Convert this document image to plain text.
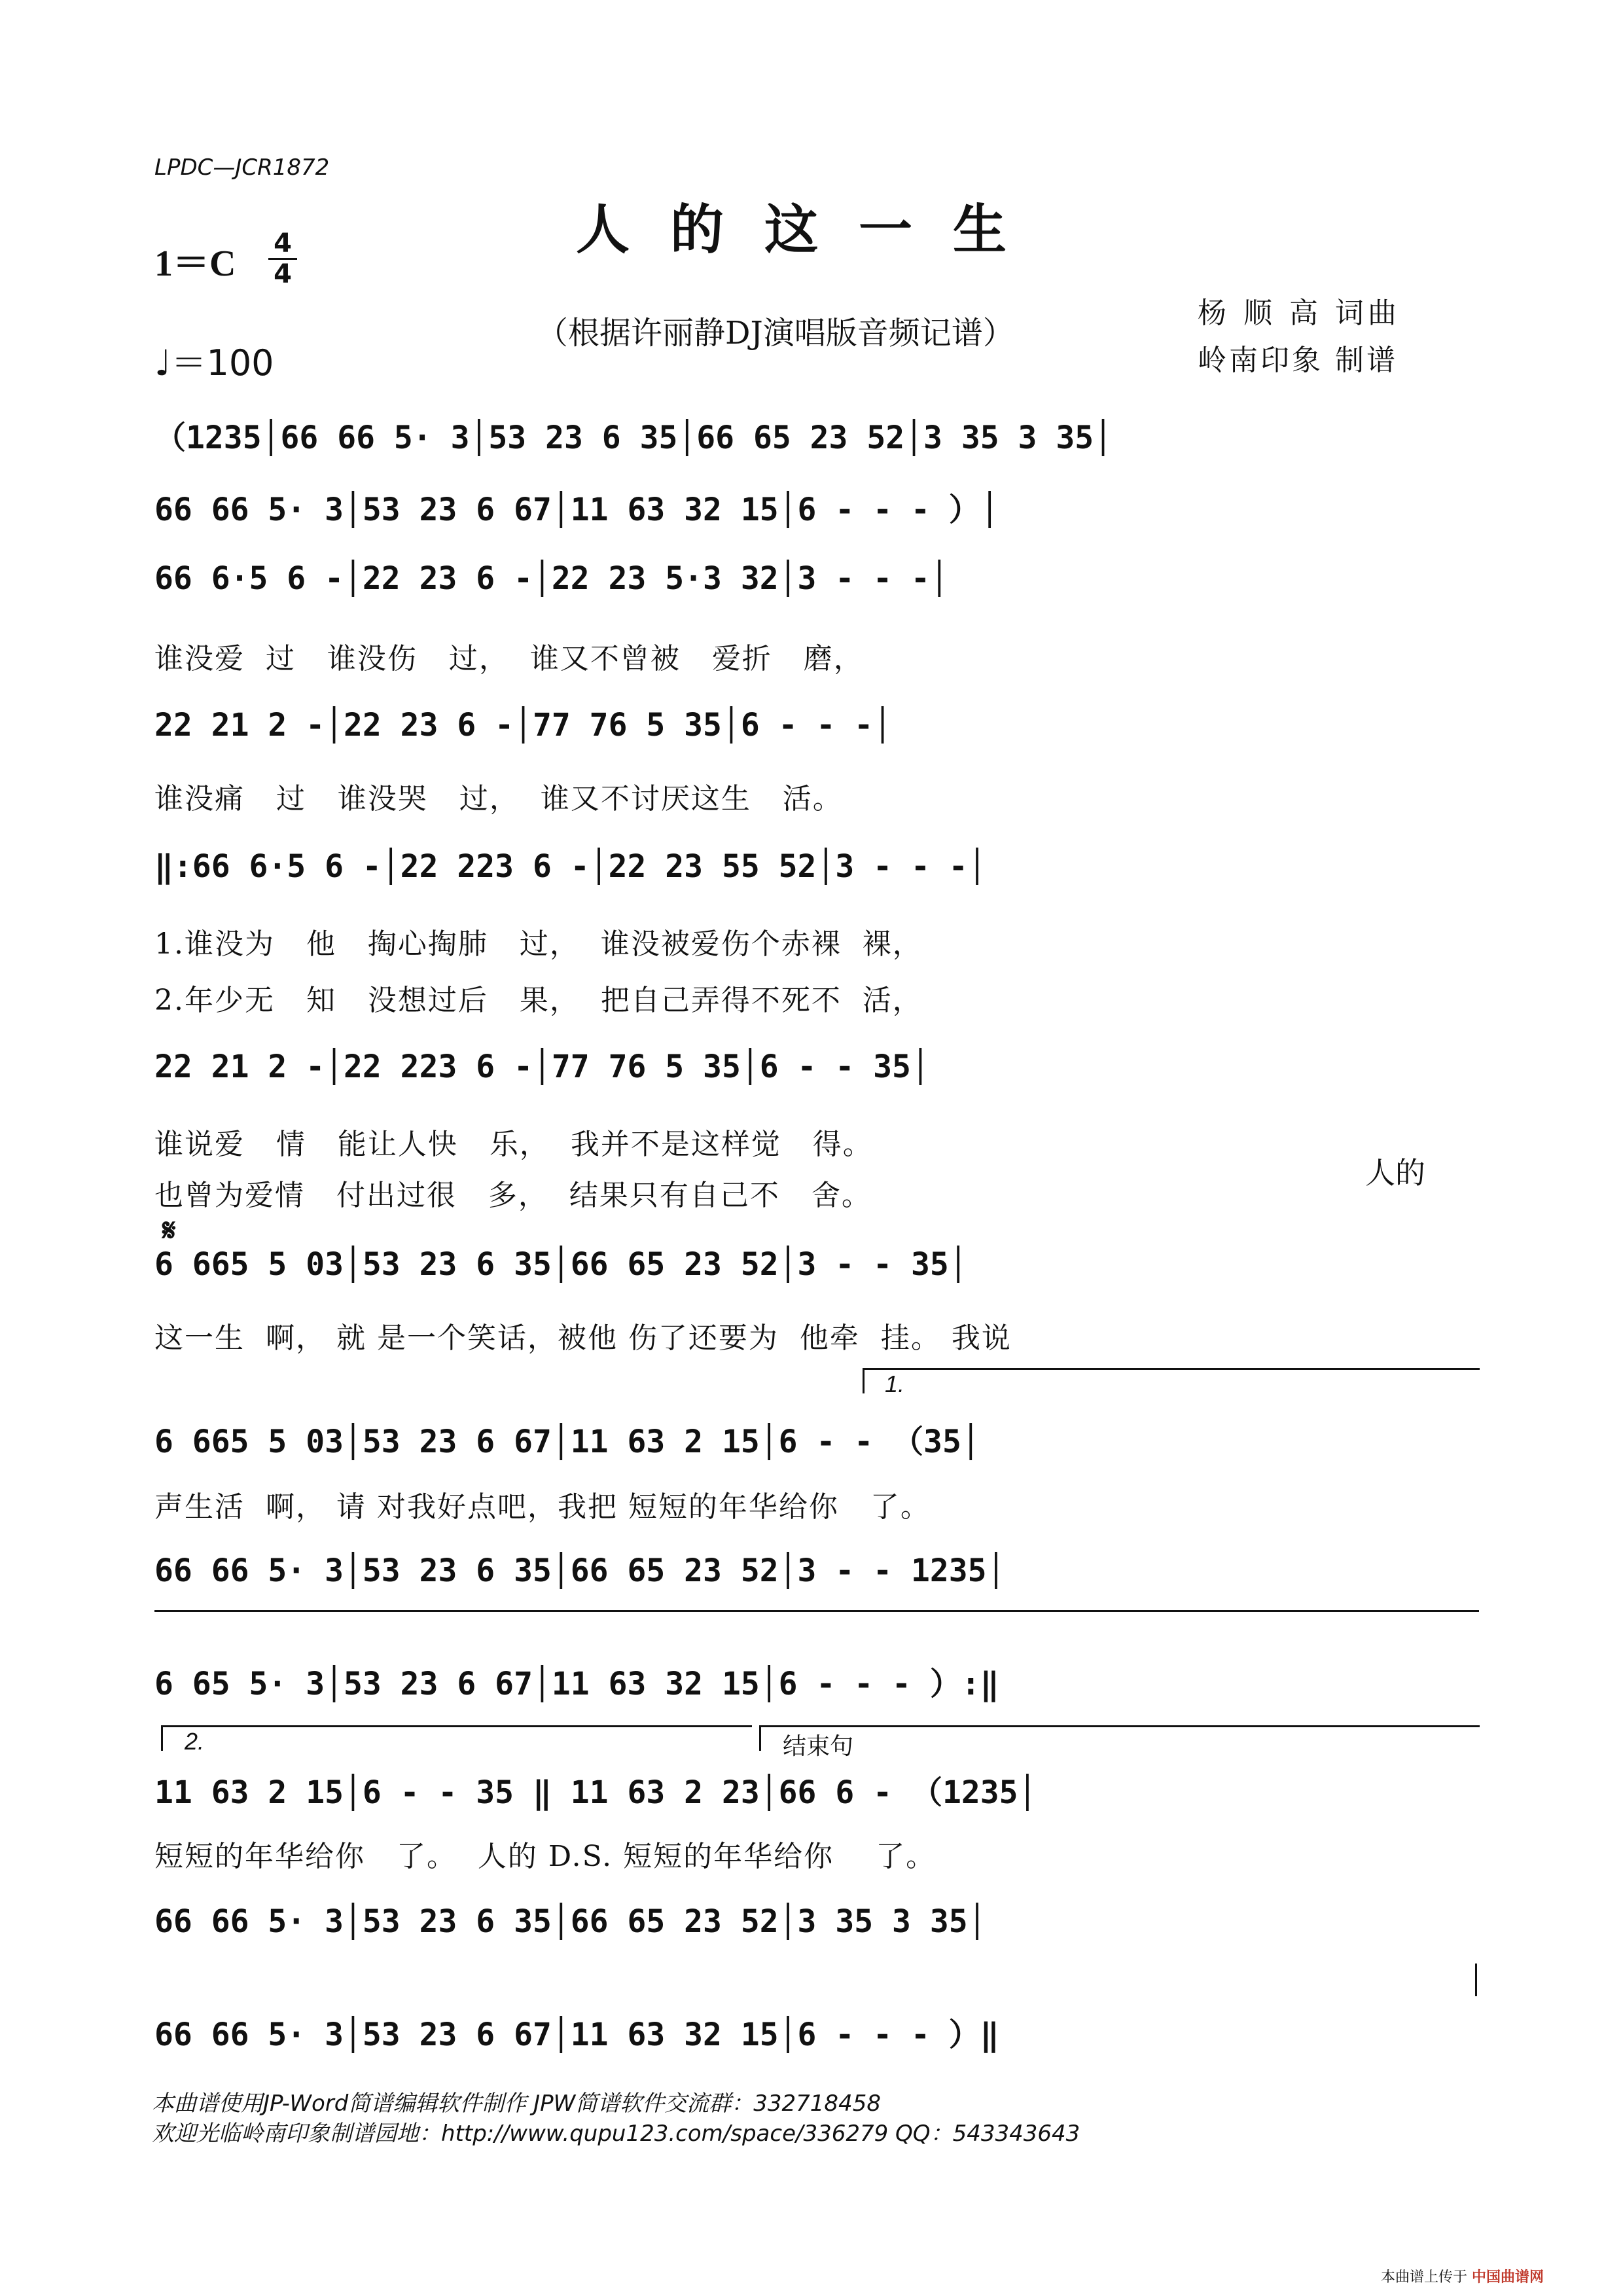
LPDC—JCR1872
人的这一生
1＝C 4
4
♩＝100
（根据许丽静DJ演唱版音频记谱）
杨 顺 高 词曲
岭南印象 制谱
（1235│66 66 5· 3│53 23 6 35│66 65 23 52│3 35 3 35│
66 66 5· 3│53 23 6 67│11 63 32 15│6 - - - ）│
66 6·5 6 -│22 23 6 -│22 23 5·3 32│3 - - -│
谁没爱  过   谁没伤   过，  谁又不曾被   爱折   磨，
22 21 2 -│22 23 6 -│77 76 5 35│6 - - -│
谁没痛   过   谁没哭   过，  谁又不讨厌这生   活。
‖:66 6·5 6 -│22 223 6 -│22 23 55 52│3 - - -│
1.谁没为   他   掏心掏肺   过，  谁没被爱伤个赤裸  裸，
2.年少无   知   没想过后   果，  把自己弄得不死不  活，
22 21 2 -│22 223 6 -│77 76 5 35│6 - - 35│
谁说爱   情   能让人快   乐，  我并不是这样觉   得。
也曾为爱情   付出过很   多，  结果只有自己不   舍。
人的
𝄋
6 665 5 03│53 23 6 35│66 65 23 52│3 - - 35│
这一生  啊， 就 是一个笑话，被他 伤了还要为  他牵  挂。 我说
1.
6 665 5 03│53 23 6 67│11 63 2 15│6 - - （35│
声生活  啊， 请 对我好点吧，我把 短短的年华给你   了。
66 66 5· 3│53 23 6 35│66 65 23 52│3 - - 1235│
6 65 5· 3│53 23 6 67│11 63 32 15│6 - - - ）:‖
2.	结束句
11 63 2 15│6 - - 35 ‖ 11 63 2 23│66 6 - （1235│
短短的年华给你   了。  人的 D.S. 短短的年华给你    了。
66 66 5· 3│53 23 6 35│66 65 23 52│3 35 3 35│
66 66 5· 3│53 23 6 67│11 63 32 15│6 - - - ）‖
本曲谱使用JP-Word简谱编辑软件制作 JPW简谱软件交流群：332718458
欢迎光临岭南印象制谱园地：http://www.qupu123.com/space/336279 QQ：543343643
本曲谱上传于 中国曲谱网
